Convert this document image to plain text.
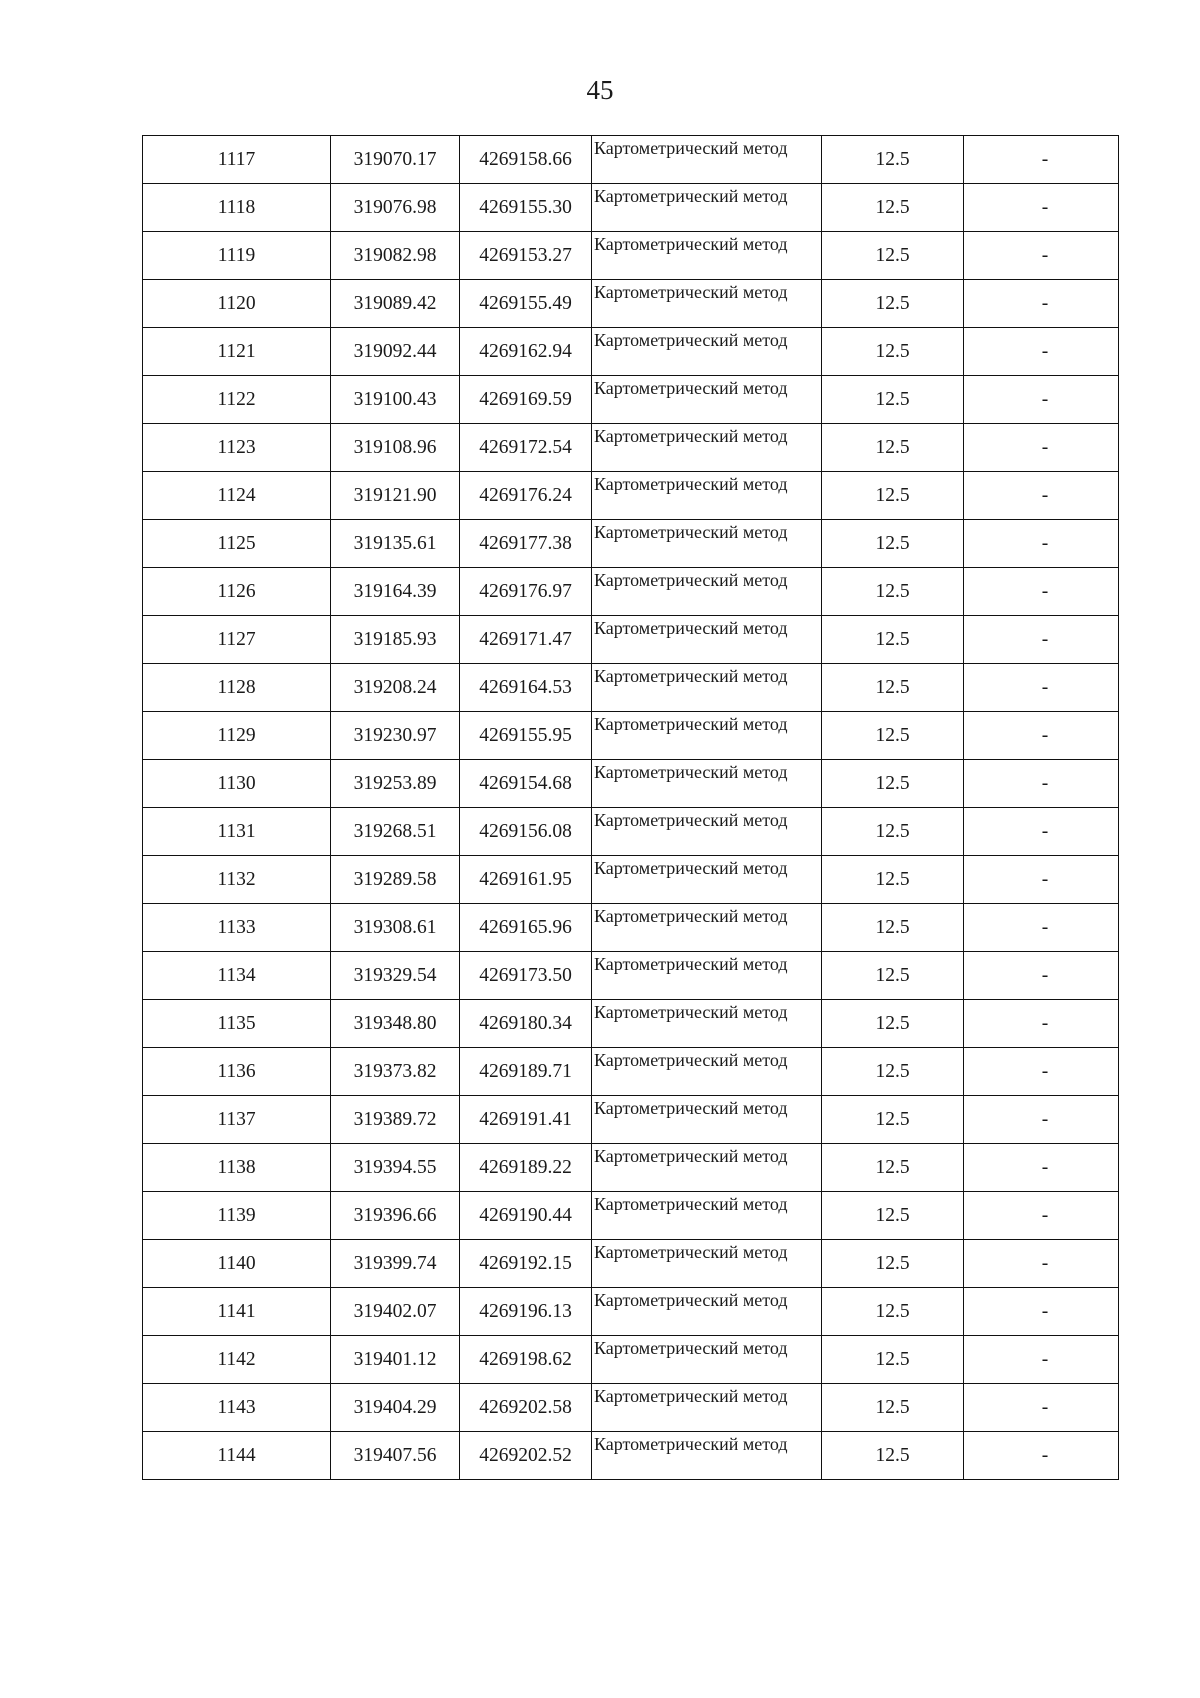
45
1117	319070.17	4269158.66	Картометрический метод	12.5	-
1118	319076.98	4269155.30	Картометрический метод	12.5	-
1119	319082.98	4269153.27	Картометрический метод	12.5	-
1120	319089.42	4269155.49	Картометрический метод	12.5	-
1121	319092.44	4269162.94	Картометрический метод	12.5	-
1122	319100.43	4269169.59	Картометрический метод	12.5	-
1123	319108.96	4269172.54	Картометрический метод	12.5	-
1124	319121.90	4269176.24	Картометрический метод	12.5	-
1125	319135.61	4269177.38	Картометрический метод	12.5	-
1126	319164.39	4269176.97	Картометрический метод	12.5	-
1127	319185.93	4269171.47	Картометрический метод	12.5	-
1128	319208.24	4269164.53	Картометрический метод	12.5	-
1129	319230.97	4269155.95	Картометрический метод	12.5	-
1130	319253.89	4269154.68	Картометрический метод	12.5	-
1131	319268.51	4269156.08	Картометрический метод	12.5	-
1132	319289.58	4269161.95	Картометрический метод	12.5	-
1133	319308.61	4269165.96	Картометрический метод	12.5	-
1134	319329.54	4269173.50	Картометрический метод	12.5	-
1135	319348.80	4269180.34	Картометрический метод	12.5	-
1136	319373.82	4269189.71	Картометрический метод	12.5	-
1137	319389.72	4269191.41	Картометрический метод	12.5	-
1138	319394.55	4269189.22	Картометрический метод	12.5	-
1139	319396.66	4269190.44	Картометрический метод	12.5	-
1140	319399.74	4269192.15	Картометрический метод	12.5	-
1141	319402.07	4269196.13	Картометрический метод	12.5	-
1142	319401.12	4269198.62	Картометрический метод	12.5	-
1143	319404.29	4269202.58	Картометрический метод	12.5	-
1144	319407.56	4269202.52	Картометрический метод	12.5	-
